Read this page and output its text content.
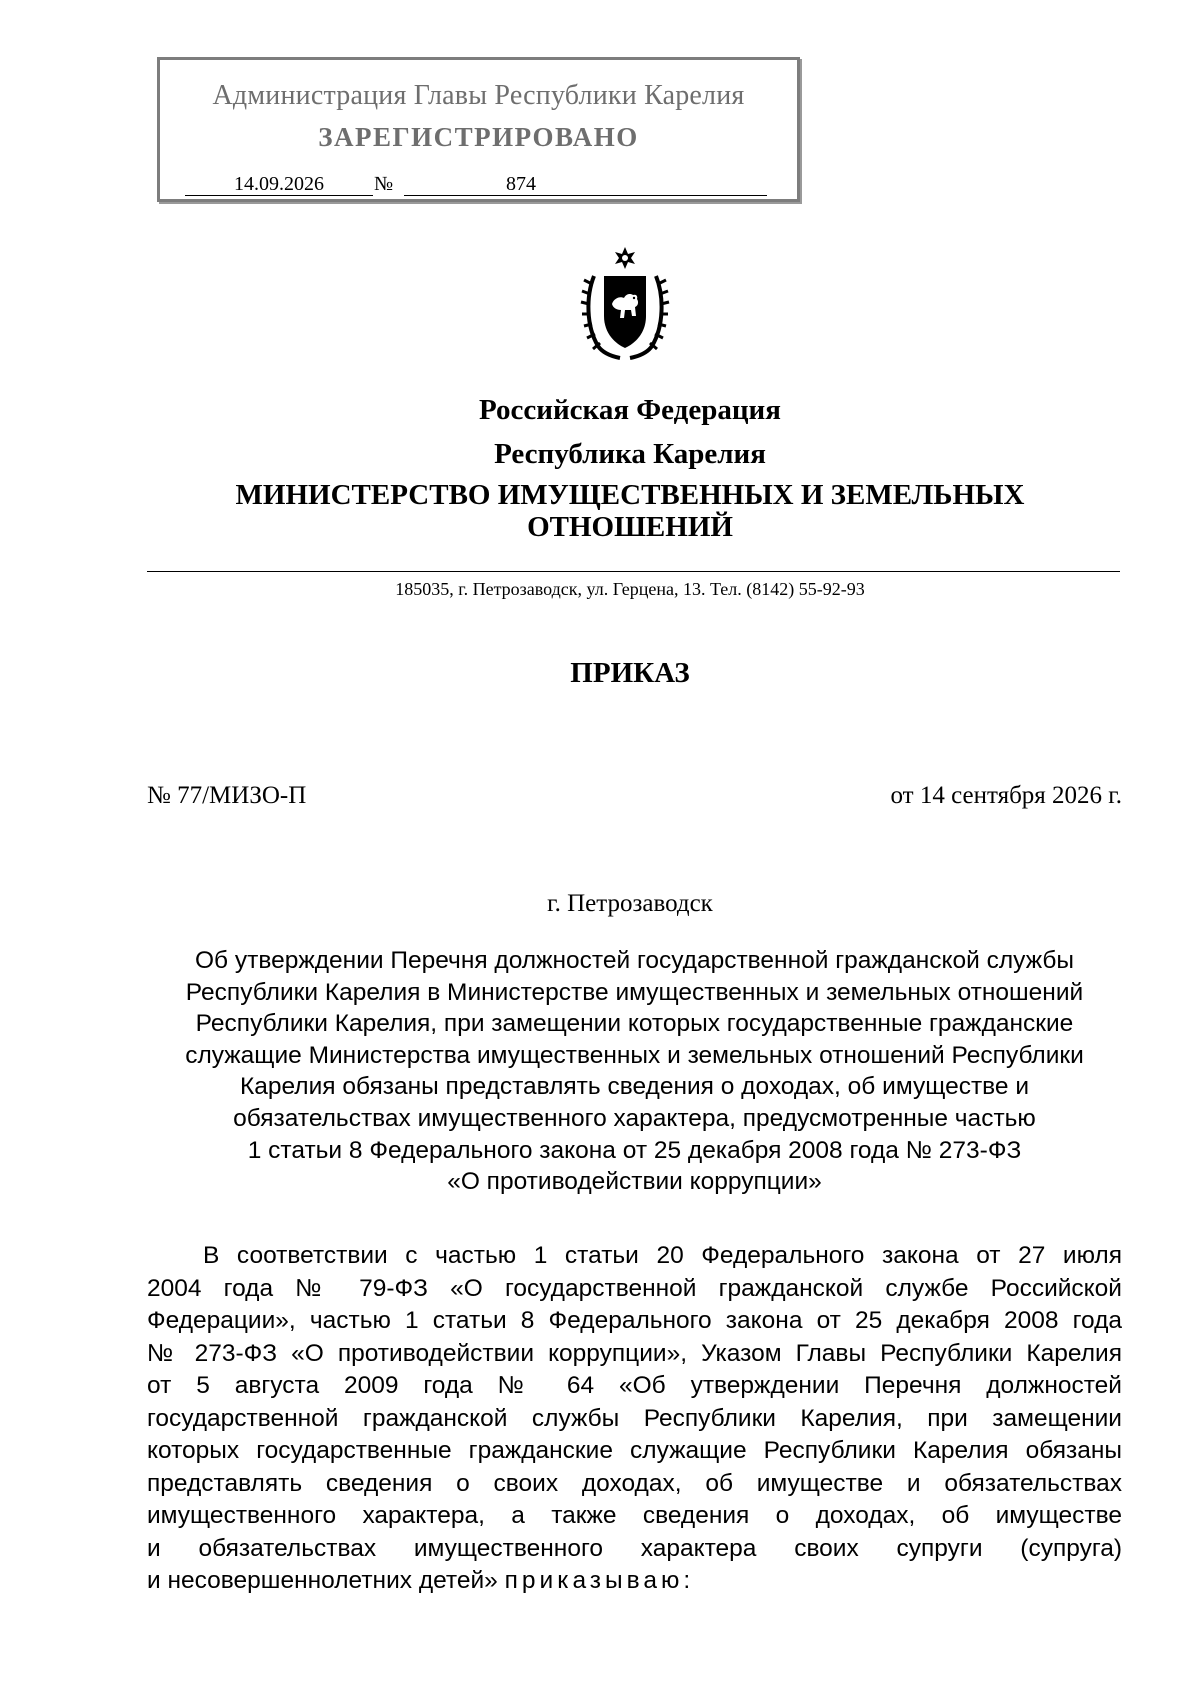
Администрация Главы Республики Карелия
ЗАРЕГИСТРИРОВАНО
14.09.2026	№	874
Российская Федерация
Республика Карелия
МИНИСТЕРСТВО ИМУЩЕСТВЕННЫХ И ЗЕМЕЛЬНЫХ
ОТНОШЕНИЙ
185035, г. Петрозаводск, ул. Герцена, 13. Тел. (8142) 55-92-93
ПРИКАЗ
№ 77/МИЗО-П	от 14 сентября 2026 г.
г. Петрозаводск
Об утверждении Перечня должностей государственной гражданской службы
Республики Карелия в Министерстве имущественных и земельных отношений
Республики Карелия, при замещении которых государственные гражданские
служащие Министерства имущественных и земельных отношений Республики
Карелия обязаны представлять сведения о доходах, об имуществе и
обязательствах имущественного характера, предусмотренные частью
1 статьи 8 Федерального закона от 25 декабря 2008 года № 273-ФЗ
«О противодействии коррупции»
В соответствии с частью 1 статьи 20 Федерального закона от 27 июля
2004 года № 79-ФЗ «О государственной гражданской службе Российской
Федерации», частью 1 статьи 8 Федерального закона от 25 декабря 2008 года
№ 273-ФЗ «О противодействии коррупции», Указом Главы Республики Карелия
от 5 августа 2009 года № 64 «Об утверждении Перечня должностей
государственной гражданской службы Республики Карелия, при замещении
которых государственные гражданские служащие Республики Карелия обязаны
представлять сведения о своих доходах, об имуществе и обязательствах
имущественного характера, а также сведения о доходах, об имуществе
и обязательствах имущественного характера своих супруги (супруга)
и несовершеннолетних детей» приказываю:
